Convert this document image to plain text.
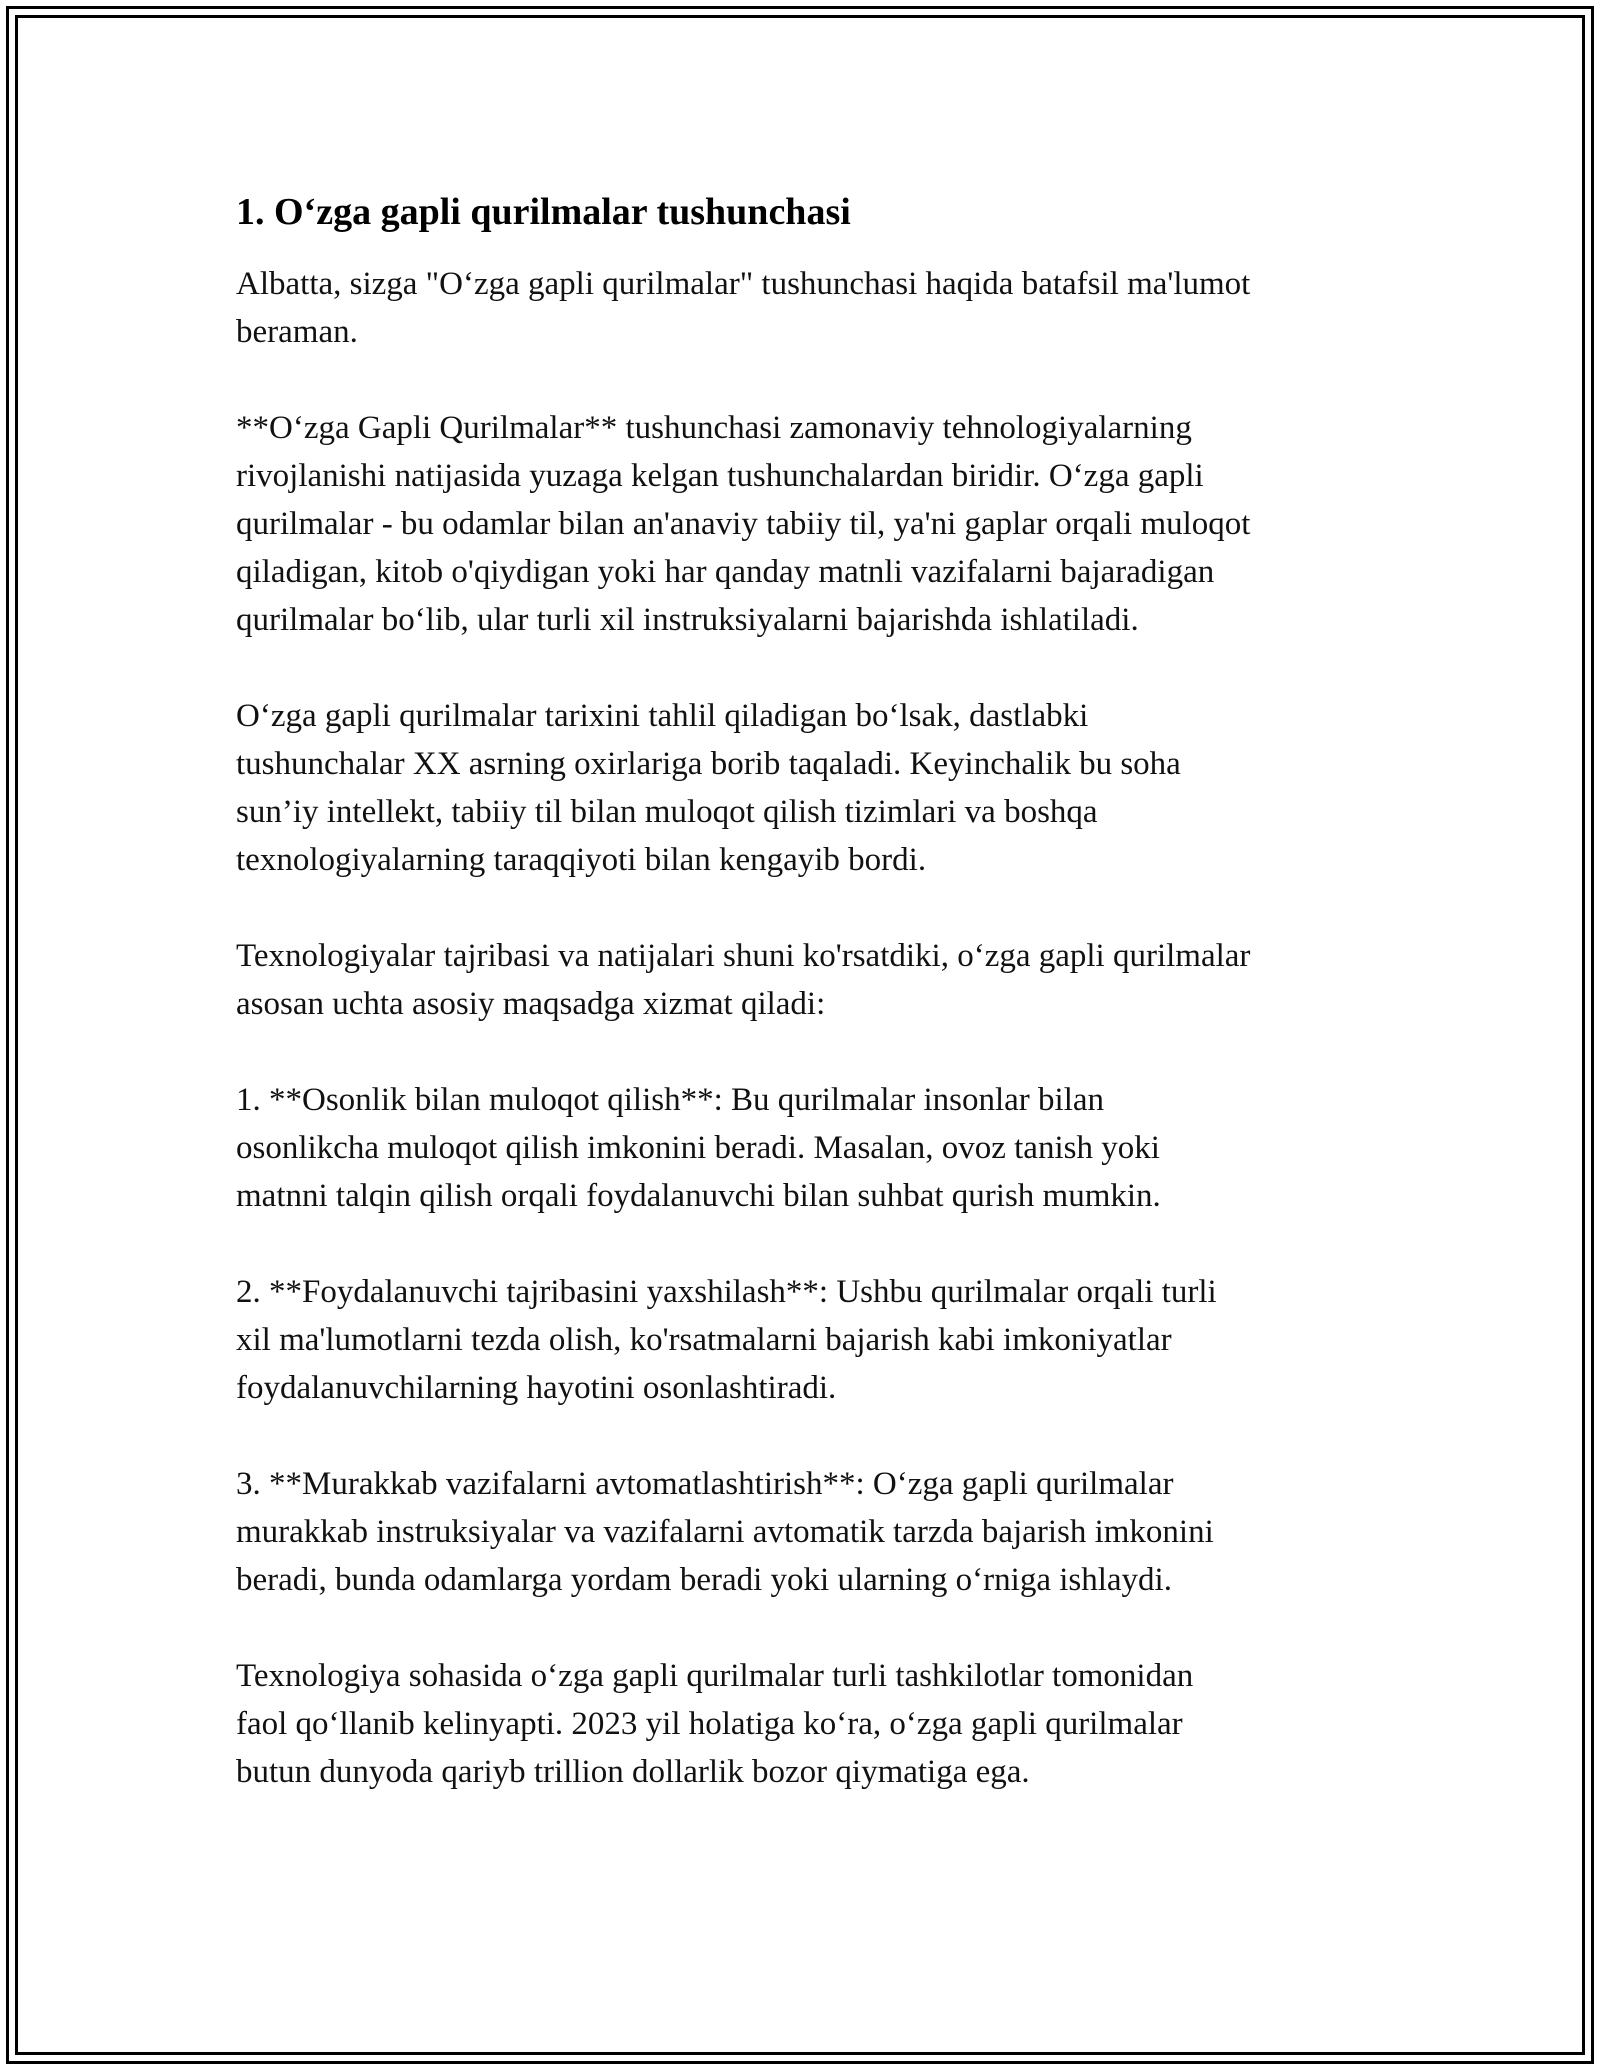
1. O‘zga gapli qurilmalar tushunchasi

Albatta, sizga "O‘zga gapli qurilmalar" tushunchasi haqida batafsil ma'lumot
beraman.

**O‘zga Gapli Qurilmalar** tushunchasi zamonaviy tehnologiyalarning
rivojlanishi natijasida yuzaga kelgan tushunchalardan biridir. O‘zga gapli
qurilmalar - bu odamlar bilan an'anaviy tabiiy til, ya'ni gaplar orqali muloqot
qiladigan, kitob o'qiydigan yoki har qanday matnli vazifalarni bajaradigan
qurilmalar bo‘lib, ular turli xil instruksiyalarni bajarishda ishlatiladi.

O‘zga gapli qurilmalar tarixini tahlil qiladigan bo‘lsak, dastlabki
tushunchalar XX asrning oxirlariga borib taqaladi. Keyinchalik bu soha
sun’iy intellekt, tabiiy til bilan muloqot qilish tizimlari va boshqa
texnologiyalarning taraqqiyoti bilan kengayib bordi.

Texnologiyalar tajribasi va natijalari shuni ko'rsatdiki, o‘zga gapli qurilmalar
asosan uchta asosiy maqsadga xizmat qiladi:

1. **Osonlik bilan muloqot qilish**: Bu qurilmalar insonlar bilan
osonlikcha muloqot qilish imkonini beradi. Masalan, ovoz tanish yoki
matnni talqin qilish orqali foydalanuvchi bilan suhbat qurish mumkin.

2. **Foydalanuvchi tajribasini yaxshilash**: Ushbu qurilmalar orqali turli
xil ma'lumotlarni tezda olish, ko'rsatmalarni bajarish kabi imkoniyatlar
foydalanuvchilarning hayotini osonlashtiradi.

3. **Murakkab vazifalarni avtomatlashtirish**: O‘zga gapli qurilmalar
murakkab instruksiyalar va vazifalarni avtomatik tarzda bajarish imkonini
beradi, bunda odamlarga yordam beradi yoki ularning o‘rniga ishlaydi.

Texnologiya sohasida o‘zga gapli qurilmalar turli tashkilotlar tomonidan
faol qo‘llanib kelinyapti. 2023 yil holatiga ko‘ra, o‘zga gapli qurilmalar
butun dunyoda qariyb trillion dollarlik bozor qiymatiga ega.
